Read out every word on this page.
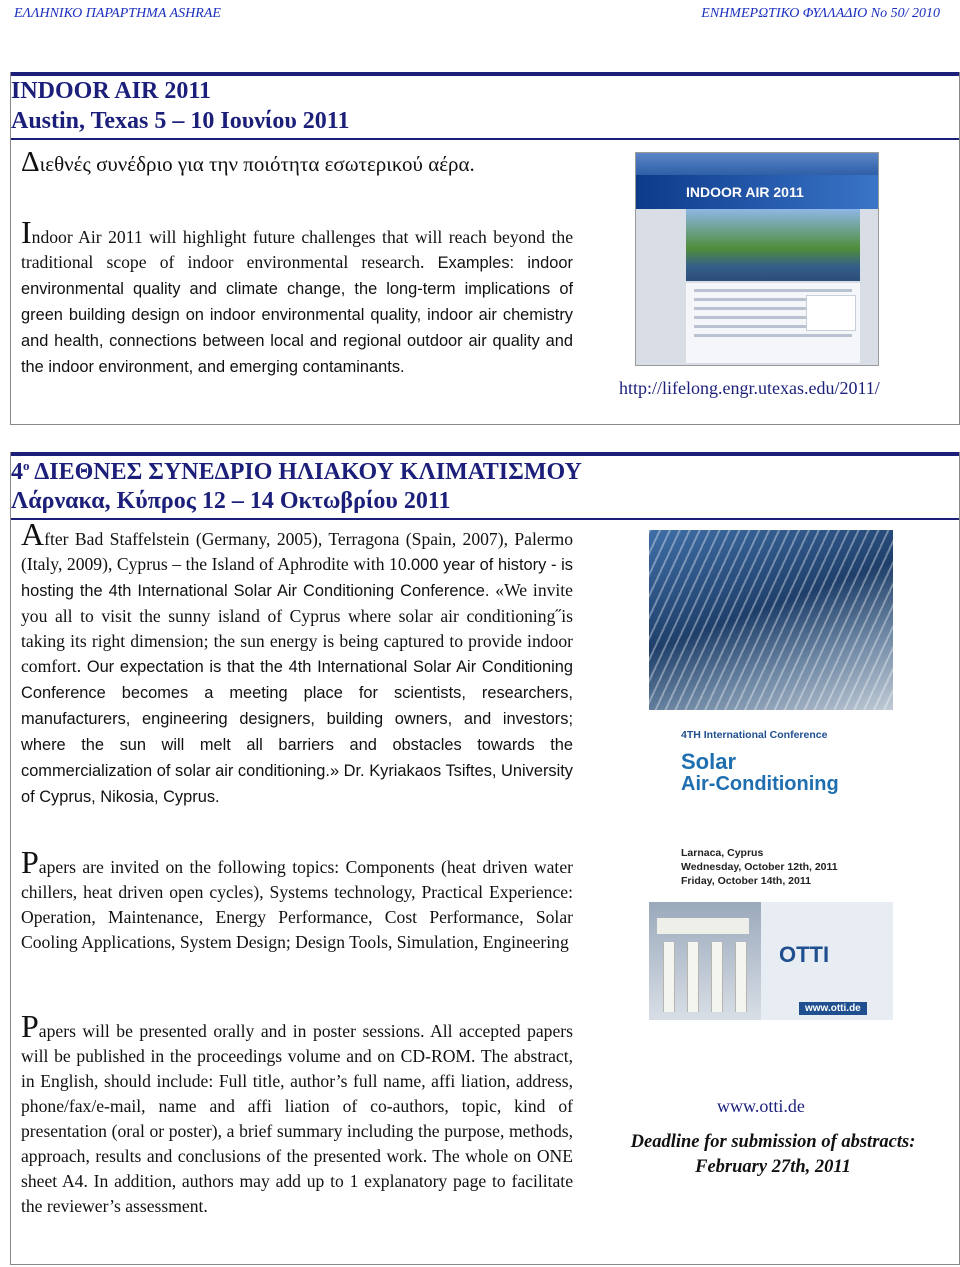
ΕΛΛΗΝΙΚΟ ΠΑΡΑΡΤΗΜΑ ASHRAE	ΕΝΗΜΕΡΩΤΙΚΟ ΦΥΛΛΑΔΙΟ Νο 50/ 2010
INDOOR AIR 2011
Austin, Texas 5 – 10 Ιουνίου 2011
Διεθνές συνέδριο για την ποιότητα εσωτερικού αέρα.
Indoor Air 2011 will highlight future challenges that will reach beyond the traditional scope of indoor environmental research. Examples: indoor environmental quality and climate change, the long-term implications of green building design on indoor environmental quality, indoor air chemistry and health, connections between local and regional outdoor air quality and the indoor environment, and emerging contaminants.
INDOOR AIR 2011
http://lifelong.engr.utexas.edu/2011/
$4^o$ ΔΙΕΘΝΕΣ ΣΥΝΕΔΡΙΟ ΗΛΙΑΚΟΥ ΚΛΙΜΑΤΙΣΜΟΥ
Λάρνακα, Κύπρος 12 – 14 Οκτωβρίου 2011

After Bad Staffelstein (Germany, 2005), Terragona (Spain, 2007), Palermo (Italy, 2009), Cyprus – the Island of Aphrodite with 10.000 year of history - is hosting the 4th International Solar Air Conditioning Conference. «We invite you all to visit the sunny island of Cyprus where solar air conditioning˝is taking its right dimension; the sun energy is being captured to provide indoor comfort. Our expectation is that the 4th International Solar Air Conditioning Conference becomes a meeting place for scientists, researchers, manufacturers, engineering designers, building owners, and investors; where the sun will melt all barriers and obstacles towards the commercialization of solar air conditioning.» Dr. Kyriakaos Tsiftes, University of Cyprus, Nikosia, Cyprus.

Papers are invited on the following topics: Components (heat driven water chillers, heat driven open cycles), Systems technology, Practical Experience: Operation, Maintenance, Energy Performance, Cost Performance, Solar Cooling Applications, System Design; Design Tools, Simulation, Engineering

Papers will be presented orally and in poster sessions. All accepted papers will be published in the proceedings volume and on CD-ROM. The abstract, in English, should include: Full title, author’s full name, affi liation, address, phone/fax/e-mail, name and affi liation of co-authors, topic, kind of presentation (oral or poster), a brief summary including the purpose, methods, approach, results and conclusions of the presented work. The whole on ONE sheet A4. In addition, authors may add up to 1 explanatory page to facilitate the reviewer’s assessment.

4TH International Conference
Solar
Air-Conditioning
Larnaca, Cyprus
Wednesday, October 12th, 2011
Friday, October 14th, 2011
OTTI
www.otti.de
www.otti.de
Deadline for submission of abstracts:
February 27th, 2011
